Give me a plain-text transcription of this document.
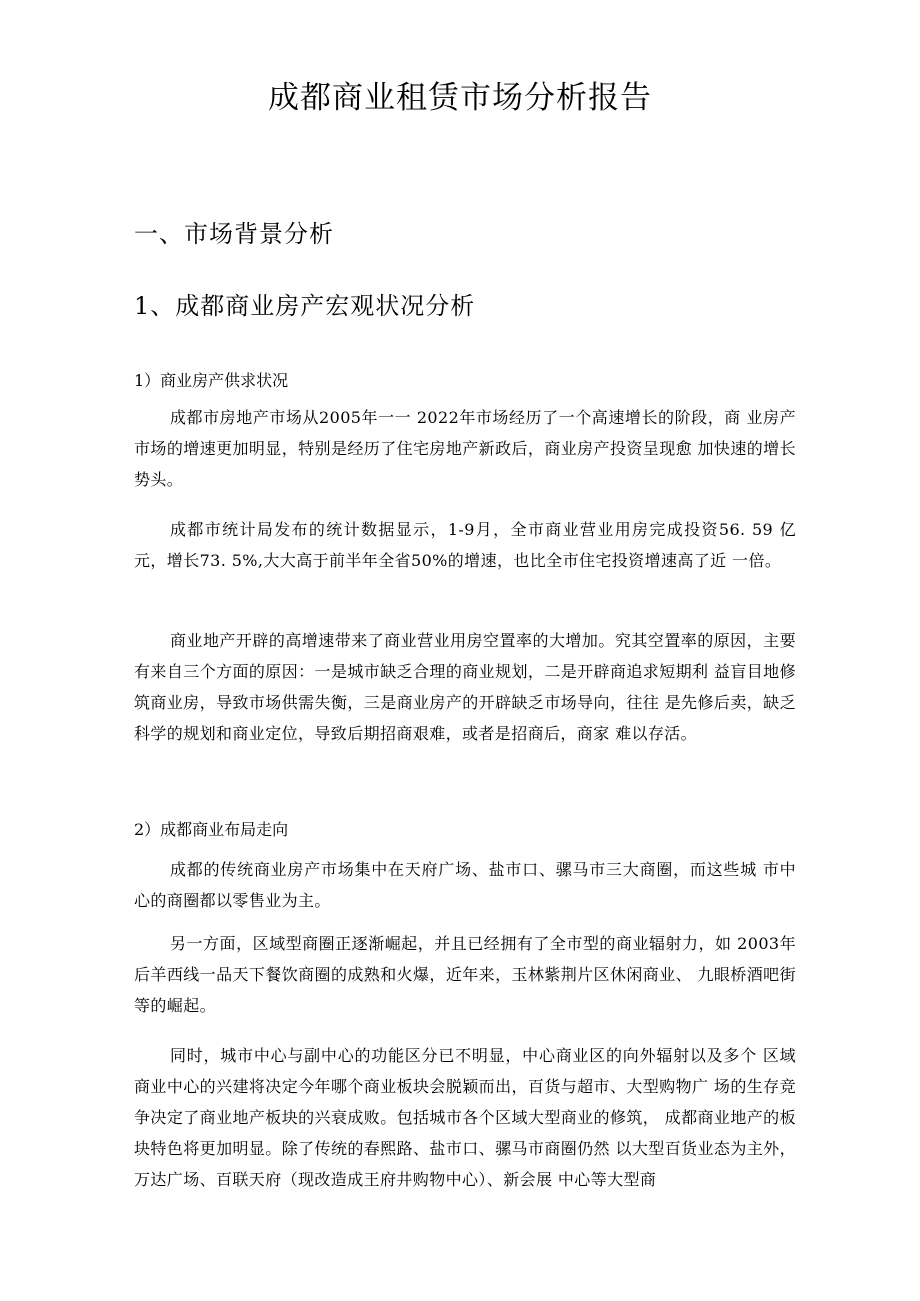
成都商业租赁市场分析报告
一、市场背景分析
1、成都商业房产宏观状况分析
1）商业房产供求状况

成都市房地产市场从2005年一一 2022年市场经历了一个高速增长的阶段，商 业房产市场的增速更加明显，特别是经历了住宅房地产新政后，商业房产投资呈现愈 加快速的增长势头。

成都市统计局发布的统计数据显示，1-9月，全市商业营业用房完成投资56. 59 亿元，增长73. 5%,大大高于前半年全省50%的增速，也比全市住宅投资增速高了近 一倍。

商业地产开辟的高增速带来了商业营业用房空置率的大增加。究其空置率的原因，主要有来自三个方面的原因：一是城市缺乏合理的商业规划，二是开辟商追求短期利 益盲目地修筑商业房，导致市场供需失衡，三是商业房产的开辟缺乏市场导向，往往 是先修后卖，缺乏科学的规划和商业定位，导致后期招商艰难，或者是招商后，商家 难以存活。

2）成都商业布局走向

成都的传统商业房产市场集中在天府广场、盐市口、骡马市三大商圈，而这些城 市中心的商圈都以零售业为主。

另一方面，区域型商圈正逐渐崛起，并且已经拥有了全市型的商业辐射力，如 2003年后羊西线一品天下餐饮商圈的成熟和火爆，近年来，玉林紫荆片区休闲商业、 九眼桥酒吧街等的崛起。

同时，城市中心与副中心的功能区分已不明显，中心商业区的向外辐射以及多个 区域商业中心的兴建将决定今年哪个商业板块会脱颖而出，百货与超市、大型购物广 场的生存竞争决定了商业地产板块的兴衰成败。包括城市各个区域大型商业的修筑， 成都商业地产的板块特色将更加明显。除了传统的春熙路、盐市口、骡马市商圈仍然 以大型百货业态为主外，万达广场、百联天府（现改造成王府井购物中心）、新会展 中心等大型商
